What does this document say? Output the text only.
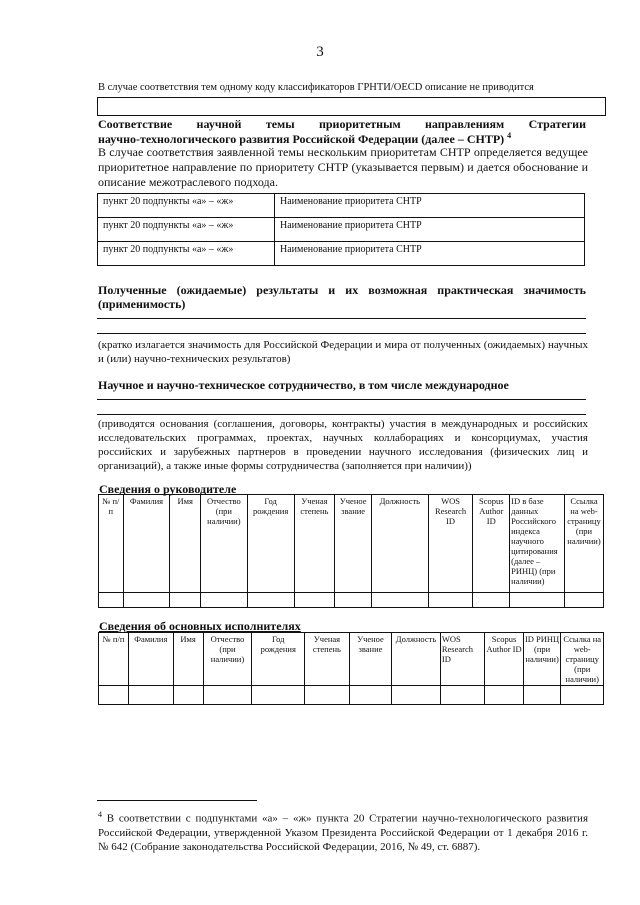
3
В случае соответствия тем одному коду классификаторов ГРНТИ/OECD описание не приводится
Соответствие научной темы приоритетным направлениям Стратегии
научно-технологического развития Российской Федерации (далее – СНТР) $^4$
В случае соответствия заявленной темы нескольким приоритетам СНТР определяется ведущее приоритетное направление по приоритету СНТР (указывается первым) и дается обоснование и описание межотраслевого подхода.
пункт 20 подпункты «а» – «ж»	Наименование приоритета СНТР
пункт 20 подпункты «а» – «ж»	Наименование приоритета СНТР
пункт 20 подпункты «а» – «ж»	Наименование приоритета СНТР
Полученные (ожидаемые) результаты и их возможная практическая значимость
(применимость)
(кратко излагается значимость для Российской Федерации и мира от полученных (ожидаемых) научных и (или) научно-технических результатов)
Научное и научно-техническое сотрудничество, в том числе международное
(приводятся основания (соглашения, договоры, контракты) участия в международных и российских исследовательских программах, проектах, научных коллаборациях и консорциумах, участия российских и зарубежных партнеров в проведении научного исследования (физических лиц и организаций), а также иные формы сотрудничества (заполняется при наличии))
Сведения о руководителе
№ п/п	Фамилия	Имя	Отчество (при наличии)	Год рождения	Ученая степень	Ученое звание	Должность	WOS Research ID	Scopus Author ID	ID в базе данных Российского индекса научного цитирования (далее – РИНЦ) (при наличии)	Ссылка на web-страницу (при наличии)

Сведения об основных исполнителях
№ п/п	Фамилия	Имя	Отчество (при наличии)	Год рождения	Ученая степень	Ученое звание	Должность	WOS Research ID	Scopus Author ID	ID РИНЦ (при наличии)	Ссылка на web-страницу (при наличии)

$^4$ В соответствии с подпунктами «а» – «ж» пункта 20 Стратегии научно-технологического развития Российской Федерации, утвержденной Указом Президента Российской Федерации от 1 декабря 2016 г. № 642 (Собрание законодательства Российской Федерации, 2016, № 49, ст. 6887).
